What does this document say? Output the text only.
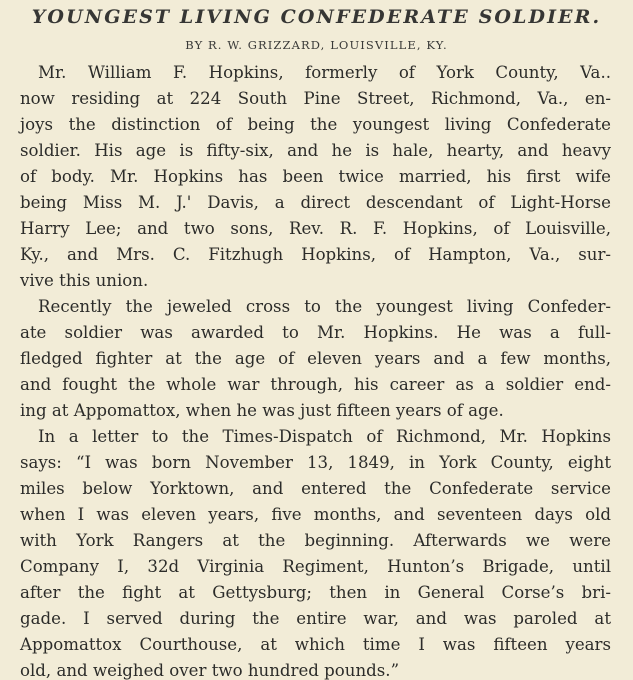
YOUNGEST LIVING CONFEDERATE SOLDIER.
BY R. W. GRIZZARD, LOUISVILLE, KY.
Mr. William F. Hopkins, formerly of York County, Va..
now residing at 224 South Pine Street, Richmond, Va., en-
joys the distinction of being the youngest living Confederate
soldier. His age is fifty-six, and he is hale, hearty, and heavy
of body. Mr. Hopkins has been twice married, his first wife
being Miss M. J.' Davis, a direct descendant of Light-Horse
Harry Lee; and two sons, Rev. R. F. Hopkins, of Louisville,
Ky., and Mrs. C. Fitzhugh Hopkins, of Hampton, Va., sur-
vive this union.
Recently the jeweled cross to the youngest living Confeder-
ate soldier was awarded to Mr. Hopkins. He was a full-
fledged fighter at the age of eleven years and a few months,
and fought the whole war through, his career as a soldier end-
ing at Appomattox, when he was just fifteen years of age.
In a letter to the Times-Dispatch of Richmond, Mr. Hopkins
says: “I was born November 13, 1849, in York County, eight
miles below Yorktown, and entered the Confederate service
when I was eleven years, five months, and seventeen days old
with York Rangers at the beginning. Afterwards we were
Company I, 32d Virginia Regiment, Hunton’s Brigade, until
after the fight at Gettysburg; then in General Corse’s bri-
gade. I served during the entire war, and was paroled at
Appomattox Courthouse, at which time I was fifteen years
old, and weighed over two hundred pounds.”
